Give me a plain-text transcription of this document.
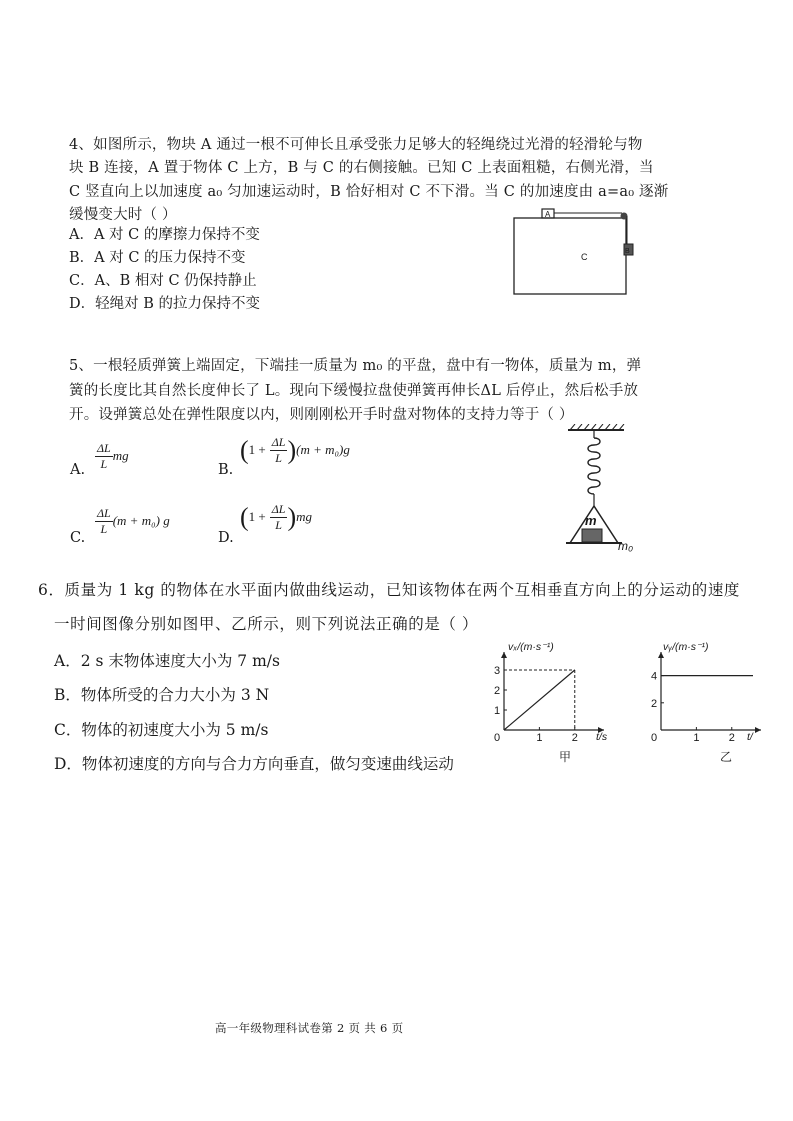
4、如图所示，物块 A 通过一根不可伸长且承受张力足够大的轻绳绕过光滑的轻滑轮与物
块 B 连接，A 置于物体 C 上方，B 与 C 的右侧接触。已知 C 上表面粗糙，右侧光滑，当
C 竖直向上以加速度 a₀ 匀加速运动时，B 恰好相对 C 不下滑。当 C 的加速度由 a=a₀ 逐渐
缓慢变大时（ ）
A．A 对 C 的摩擦力保持不变
B．A 对 C 的压力保持不变
C．A、B 相对 C 仍保持静止
D．轻绳对 B 的拉力保持不变
A
B
C
5、一根轻质弹簧上端固定，下端挂一质量为 m₀ 的平盘，盘中有一物体，质量为 m，弹
簧的长度比其自然长度伸长了 L。现向下缓慢拉盘使弹簧再伸长ΔL 后停止，然后松手放
开。设弹簧总处在弹性限度以内，则刚刚松开手时盘对物体的支持力等于（ ）
A. $\frac{\Delta L}{L}$ mg
B.
$(1 + \frac{\Delta L}{L} )(m + m_0)g$
C.
$\frac{\Delta L}{L} (m + m_0)$ g
D.
$(1 + \frac{\Delta L}{L} )mg$	m
m₀
6．质量为 1 kg 的物体在水平面内做曲线运动，已知该物体在两个互相垂直方向上的分运动的速度
一时间图像分别如图甲、乙所示，则下列说法正确的是（ ）
A．2 s 末物体速度大小为 7 m/s
B．物体所受的合力大小为 3 N
C．物体的初速度大小为 5 m/s
D．物体初速度的方向与合力方向垂直，做匀变速曲线运动
vₓ/(m·s⁻¹)
t/s
甲
0	1	2
1
2
3
vᵧ/(m·s⁻¹)
t/
乙
0	1	2
2
4
高一年级物理科试卷第 2 页 共 6 页
